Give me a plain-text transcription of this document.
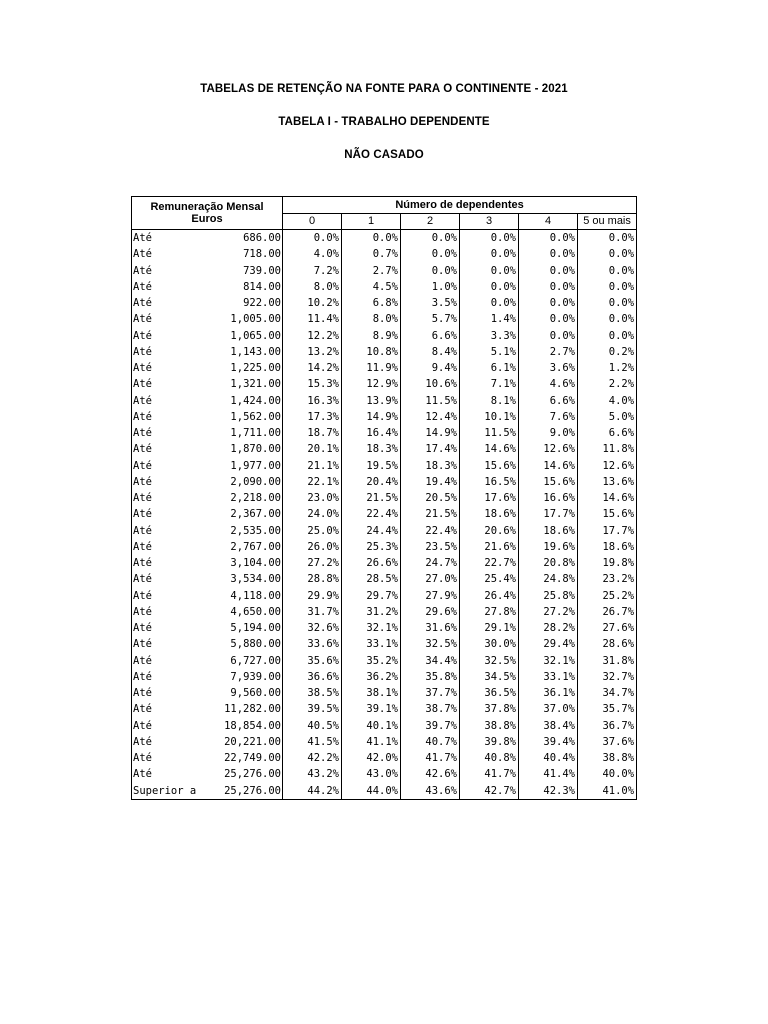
TABELAS DE RETENÇÃO NA FONTE PARA O CONTINENTE - 2021
TABELA I - TRABALHO DEPENDENTE
NÃO CASADO
Remuneração Mensal
Euros	Número de dependentes					
	0	1	2	3	4	5 ou mais

Até 686.00	0.0%	0.0%	0.0%	0.0%	0.0%	0.0%

Até 718.00	4.0%	0.7%	0.0%	0.0%	0.0%	0.0%

Até 739.00	7.2%	2.7%	0.0%	0.0%	0.0%	0.0%

Até 814.00	8.0%	4.5%	1.0%	0.0%	0.0%	0.0%

Até 922.00	10.2%	6.8%	3.5%	0.0%	0.0%	0.0%

Até 1,005.00	11.4%	8.0%	5.7%	1.4%	0.0%	0.0%

Até 1,065.00	12.2%	8.9%	6.6%	3.3%	0.0%	0.0%

Até 1,143.00	13.2%	10.8%	8.4%	5.1%	2.7%	0.2%

Até 1,225.00	14.2%	11.9%	9.4%	6.1%	3.6%	1.2%

Até 1,321.00	15.3%	12.9%	10.6%	7.1%	4.6%	2.2%

Até 1,424.00	16.3%	13.9%	11.5%	8.1%	6.6%	4.0%

Até 1,562.00	17.3%	14.9%	12.4%	10.1%	7.6%	5.0%

Até 1,711.00	18.7%	16.4%	14.9%	11.5%	9.0%	6.6%

Até 1,870.00	20.1%	18.3%	17.4%	14.6%	12.6%	11.8%

Até 1,977.00	21.1%	19.5%	18.3%	15.6%	14.6%	12.6%

Até 2,090.00	22.1%	20.4%	19.4%	16.5%	15.6%	13.6%

Até 2,218.00	23.0%	21.5%	20.5%	17.6%	16.6%	14.6%

Até 2,367.00	24.0%	22.4%	21.5%	18.6%	17.7%	15.6%

Até 2,535.00	25.0%	24.4%	22.4%	20.6%	18.6%	17.7%

Até 2,767.00	26.0%	25.3%	23.5%	21.6%	19.6%	18.6%

Até 3,104.00	27.2%	26.6%	24.7%	22.7%	20.8%	19.8%

Até 3,534.00	28.8%	28.5%	27.0%	25.4%	24.8%	23.2%

Até 4,118.00	29.9%	29.7%	27.9%	26.4%	25.8%	25.2%

Até 4,650.00	31.7%	31.2%	29.6%	27.8%	27.2%	26.7%

Até 5,194.00	32.6%	32.1%	31.6%	29.1%	28.2%	27.6%

Até 5,880.00	33.6%	33.1%	32.5%	30.0%	29.4%	28.6%

Até 6,727.00	35.6%	35.2%	34.4%	32.5%	32.1%	31.8%

Até 7,939.00	36.6%	36.2%	35.8%	34.5%	33.1%	32.7%

Até 9,560.00	38.5%	38.1%	37.7%	36.5%	36.1%	34.7%

Até 11,282.00	39.5%	39.1%	38.7%	37.8%	37.0%	35.7%

Até 18,854.00	40.5%	40.1%	39.7%	38.8%	38.4%	36.7%

Até 20,221.00	41.5%	41.1%	40.7%	39.8%	39.4%	37.6%

Até 22,749.00	42.2%	42.0%	41.7%	40.8%	40.4%	38.8%

Até 25,276.00	43.2%	43.0%	42.6%	41.7%	41.4%	40.0%

Superior a 25,276.00	44.2%	44.0%	43.6%	42.7%	42.3%	41.0%
